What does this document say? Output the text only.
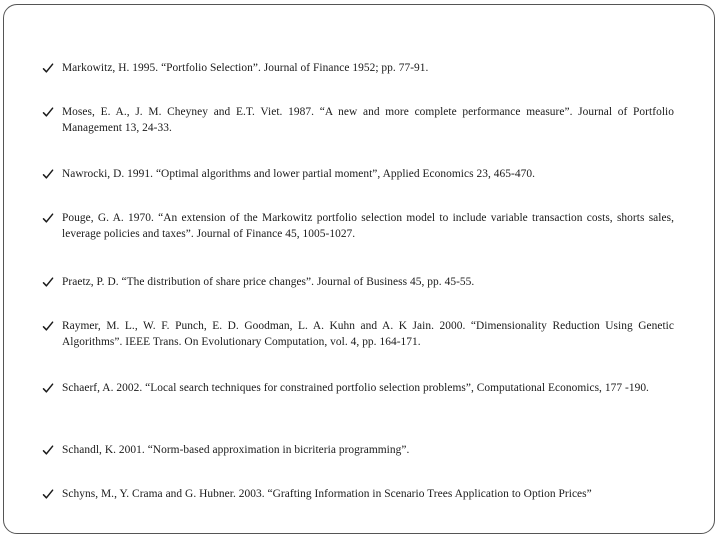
Markowitz, H. 1995. “Portfolio Selection”. Journal of Finance 1952; pp. 77-91.
Moses, E. A., J. M. Cheyney and E.T. Viet. 1987. “A new and more complete performance measure”. Journal of Portfolio Management 13, 24-33.
Nawrocki, D. 1991. “Optimal algorithms and lower partial moment”, Applied Economics 23, 465-470.
Pouge, G. A. 1970. “An extension of the Markowitz portfolio selection model to include variable transaction costs, shorts sales, leverage policies and taxes”. Journal of Finance 45, 1005-1027.
Praetz, P. D. “The distribution of share price changes”. Journal of Business 45, pp. 45-55.
Raymer, M. L., W. F. Punch, E. D. Goodman, L. A. Kuhn and A. K Jain. 2000. “Dimensionality Reduction Using Genetic Algorithms”. IEEE Trans. On Evolutionary Computation, vol. 4, pp. 164-171.
Schaerf, A. 2002. “Local search techniques for constrained portfolio selection problems”, Computational Economics, 177 -190.
Schandl, K. 2001. “Norm-based approximation in bicriteria programming”.
Schyns, M., Y. Crama and G. Hubner. 2003. “Grafting Information in Scenario Trees Application to Option Prices”
